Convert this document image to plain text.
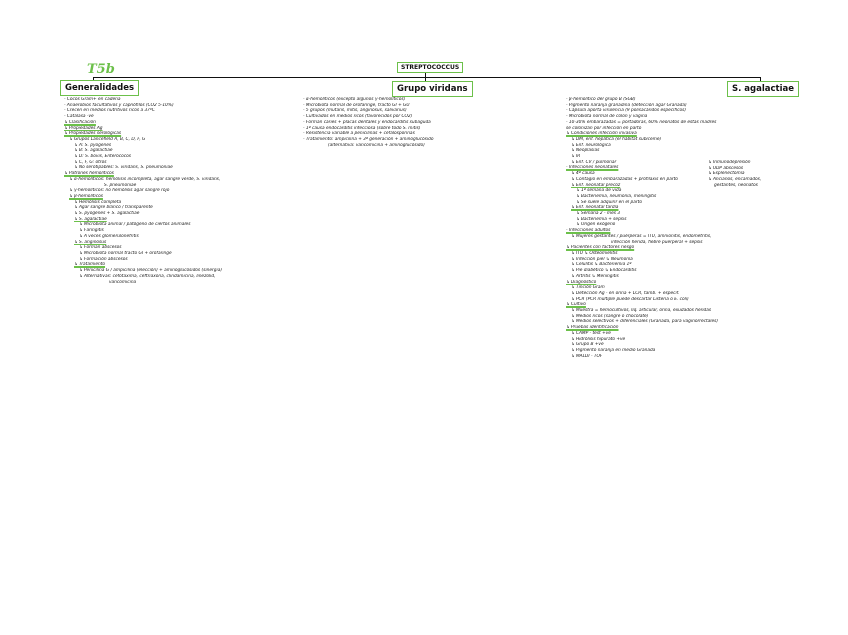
T5b	STREPTOCOCCUS
Generalidades	Grupo viridans	S. agalactiae
- Cocos Gram+ en cadena
- Anaerobios facultativos y capnófilos (CO2 5-10%)
- Crecen en medios nutritivos ricos a 37ºC
- Catalasa -ve
↳ Clasificación
↳ Propiedades Ag
↳ Propiedades serológicas
↳ Grupos Lancefield A, B, C, D, F, G
↳ A: S. pyogenes
↳ B: S. agalactiae
↳ D: S. bovis, Enterococos
↳ C, F, G: otros
↳ No serotipables: S. viridans, S. pneumoniae
↳ Patrones hemolíticos
↳ α-hemolíticos: hemólisis incompleta, agar sangre verde, S. viridans,
S. pneumoniae
↳ γ-hemolíticos: no hemólisis agar sangre rojo
↳ β-hemolíticos
↳ Hemólisis completa
↳ Agar sangre blanco / transparente
↳ S. pyogenes + S. agalactiae
↳ S. agalactiae
↳ Microbiota animal / patógeno de ciertos animales
↳ Faringitis
↳ A veces glomerulonefritis
↳ S. anginosus
↳ Forman abscesos
↳ Microbiota normal tracto GI + orofaringe
↳ Formación abscesos
↳ Tratamiento
↳ Penicilina G / ampicilina (elección) + aminoglucósidos (sinergia)
↳ Alternativas: cefotaxima, ceftriaxona, clindamicina, linezolid,
vancomicina
- α-hemolíticos (excepto algunos γ-hemolíticos)
- Microbiota normal de orofaringe, tracto GI + GU
- 5 grupos (mutans, mitis, anginosus, salivarius)
- Cultivados en medios ricos (favorecidos por CO2)
- Forman caries + placas dentales y endocarditis subaguda
- 1ª causa endocarditis infecciosa (sobre todo S. mitis)
- Resistencia variable a penicilinas + cefalosporinas
- Tratamiento: ampicilina + 3ª generación + aminoglucósido
(alternativa: vancomicina + aminoglucósido)
- β-hemolítico del grupo B (SGB)
- Pigmento naranja granadina (detección agar Granada)
- Cápsula aporta virulencia (9 polisacáridos específicos)
- Microbiota normal de colon y vagina
- 10-30% embarazadas = portadoras, 60% neonatos de estas madres
se colonizan por infección en parto
↳ Condiciones infección invasiva
↳ DM, enf. hepática (el hábitat subíceme)
↳ Enf. neurológica
↳ Neoplasias
↳ IR
↳ Enf. CV / pulmonar
- Infecciones neonatales
↳ 4ª causa
↳ Contagio en embarazadas + profilaxis en parto
↳ Enf. neonatal precoz
↳ 1ª semana de vida
↳ Bacteriemia, neumonía, meningitis
↳ Se suele adquirir en el parto
↳ Enf. neonatal tardía
↳ Semana 2 - mes 3
↳ Bacteriemia + sepsis
↳ Origen exógeno
- Infecciones adultos
↳ Mujeres gestantes / puérperas = ITU, amnionitis, endometritis,
infección herida, fiebre puerperal + sepsis
↳ Pacientes con factores riesgo
↳ ITU ↳ Osteomielitis
↳ Infección piel ↳ Neumonía
↳ Celulitis ↳ Bacteriemia 1ª
↳ Pie diabético ↳ Endocarditis
↳ Artritis ↳ Meningitis
↳ Diagnóstico
↳ Tinción Gram
↳ Detección Ag - en orina + LCR, tamb. + especif.
↳ PCR (PCR múltiple puede descartar Listeria o E. coli)
↳ Cultivo
↳ Muestra = hemocultivos, líq. articular, orina, exudados heridas
↳ Medios ricos (sangre o chocolate)
↳ Medios selectivos + diferenciales (Granada, para vaginorrectales)
↳ Pruebas identificación
↳ CAMP - test +ve
↳ Hidrólisis hipurato +ve
↳ Grupo B +ve
↳ Pigmento naranja en medio Granada
↳ MALDI - TOF
↳ Inmunodepresión
↳ UDP abscesos
↳ Esplenectomía
↳ Ancianos, encamados,
gestantes, neonatos
